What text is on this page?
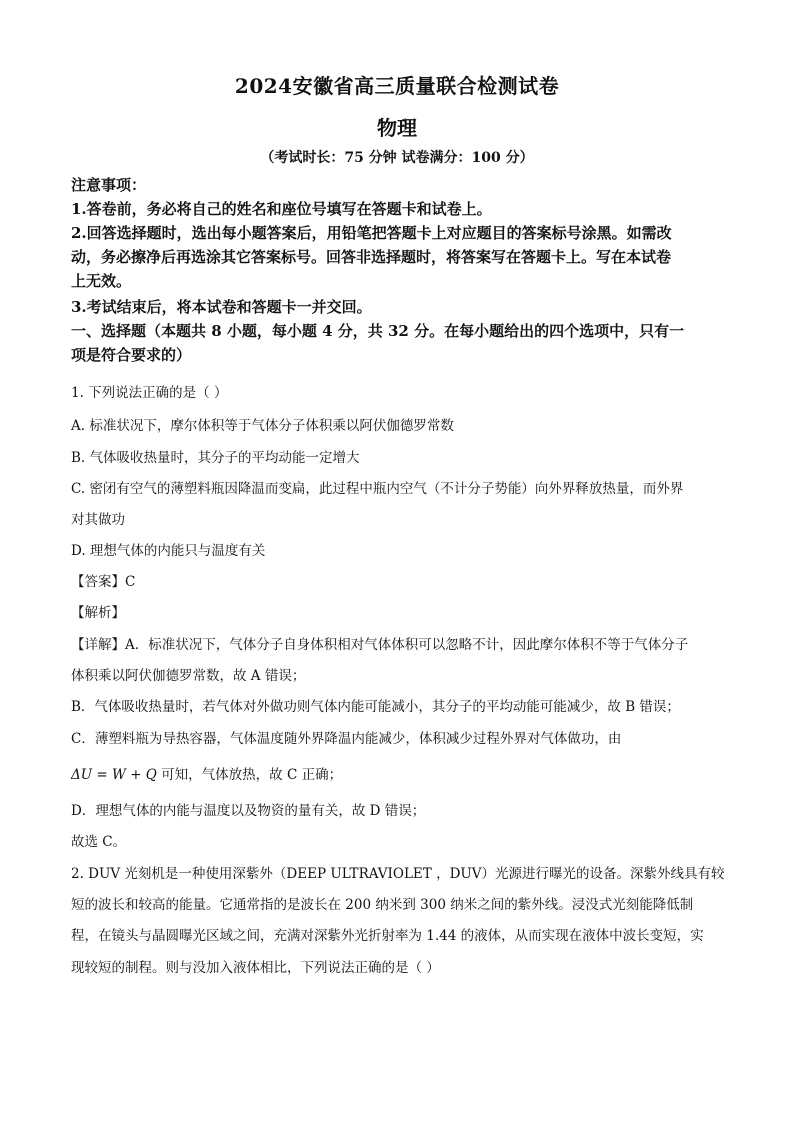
2024安徽省高三质量联合检测试卷
物理
（考试时长：75 分钟 试卷满分：100 分）
注意事项：
1.答卷前，务必将自己的姓名和座位号填写在答题卡和试卷上。
2.回答选择题时，选出每小题答案后，用铅笔把答题卡上对应题目的答案标号涂黑。如需改
动，务必擦净后再选涂其它答案标号。回答非选择题时，将答案写在答题卡上。写在本试卷
上无效。
3.考试结束后，将本试卷和答题卡一并交回。
一、选择题（本题共 8 小题，每小题 4 分，共 32 分。在每小题给出的四个选项中，只有一
项是符合要求的）
1. 下列说法正确的是（ ）
A. 标准状况下，摩尔体积等于气体分子体积乘以阿伏伽德罗常数
B. 气体吸收热量时，其分子的平均动能一定增大
C. 密闭有空气的薄塑料瓶因降温而变扁，此过程中瓶内空气（不计分子势能）向外界释放热量，而外界
对其做功
D. 理想气体的内能只与温度有关
【答案】C
【解析】
【详解】A．标准状况下，气体分子自身体积相对气体体积可以忽略不计，因此摩尔体积不等于气体分子
体积乘以阿伏伽德罗常数，故 A 错误；
B．气体吸收热量时，若气体对外做功则气体内能可能减小，其分子的平均动能可能减少，故 B 错误；
C．薄塑料瓶为导热容器，气体温度随外界降温内能减少，体积减少过程外界对气体做功，由
ΔU = W + Q 可知，气体放热，故 C 正确；
D．理想气体的内能与温度以及物资的量有关，故 D 错误；
故选 C。
2. DUV 光刻机是一种使用深紫外（DEEP ULTRAVIOLET ，DUV）光源进行曝光的设备。深紫外线具有较
短的波长和较高的能量。它通常指的是波长在 200 纳米到 300 纳米之间的紫外线。浸没式光刻能降低制
程，在镜头与晶圆曝光区域之间，充满对深紫外光折射率为 1.44 的液体，从而实现在液体中波长变短，实
现较短的制程。则与没加入液体相比，下列说法正确的是（ ）
